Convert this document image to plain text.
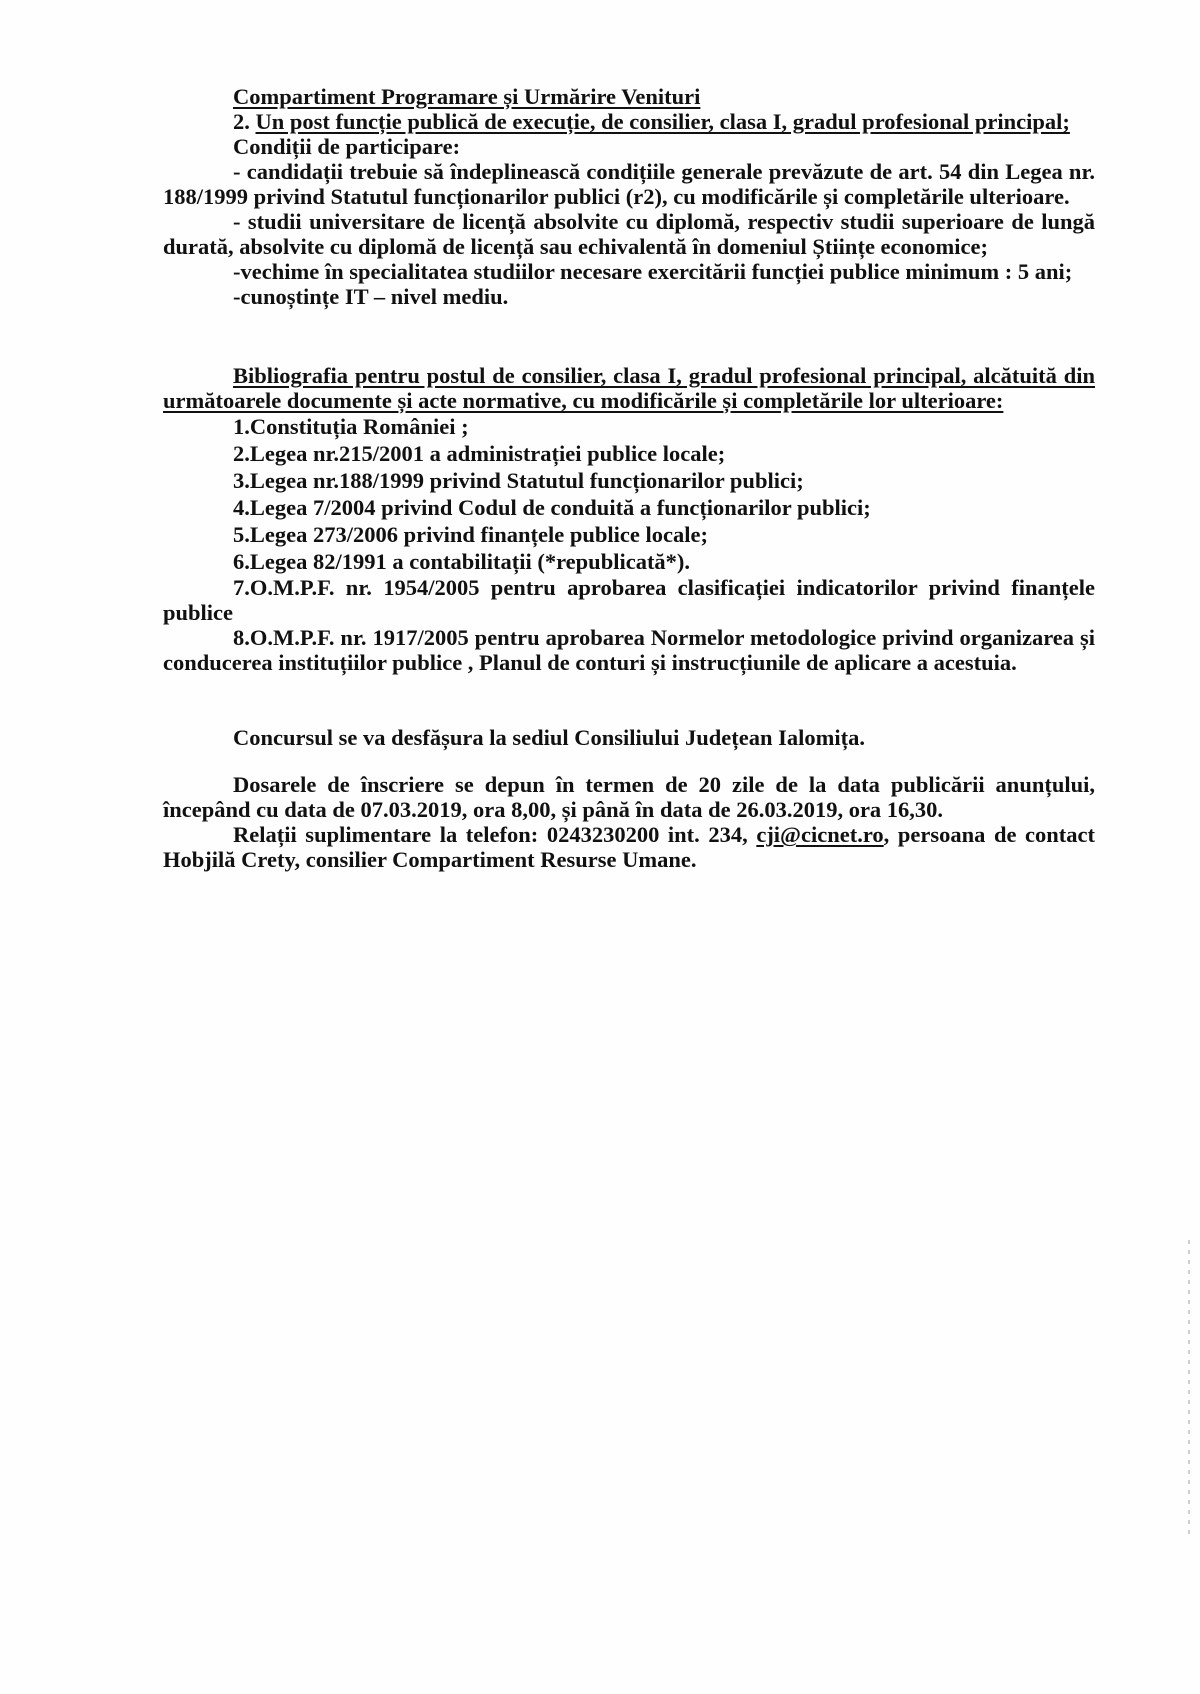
Compartiment Programare și Urmărire Venituri

2. Un post funcție publică de execuție, de consilier, clasa I, gradul profesional principal;

Condiții de participare:

- candidații trebuie să îndeplinească condițiile generale prevăzute de art. 54 din Legea nr. 188/1999 privind Statutul funcționarilor publici (r2), cu modificările și completările ulterioare.

- studii universitare de licență absolvite cu diplomă, respectiv studii superioare de lungă durată, absolvite cu diplomă de licență sau echivalentă în domeniul Științe economice;

-vechime în specialitatea studiilor necesare exercitării funcției publice minimum : 5 ani;

-cunoștințe IT – nivel mediu.

Bibliografia pentru postul de consilier, clasa I, gradul profesional principal, alcătuită din următoarele documente și acte normative, cu modificările și completările lor ulterioare:

1.Constituția României ;

2.Legea nr.215/2001 a administrației publice locale;

3.Legea nr.188/1999 privind Statutul funcționarilor publici;

4.Legea 7/2004 privind Codul de conduită a funcționarilor publici;

5.Legea 273/2006 privind finanțele publice locale;

6.Legea 82/1991 a contabilitații (*republicată*).

7.O.M.P.F. nr. 1954/2005 pentru aprobarea clasificației indicatorilor privind finanțele publice

8.O.M.P.F. nr. 1917/2005 pentru aprobarea Normelor metodologice privind organizarea și conducerea instituțiilor publice , Planul de conturi și instrucțiunile de aplicare a acestuia.

Concursul se va desfășura la sediul Consiliului Județean Ialomița.

Dosarele de înscriere se depun în termen de 20 zile de la data publicării anunțului, începând cu data de 07.03.2019, ora 8,00, și până în data de 26.03.2019, ora 16,30.

Relații suplimentare la telefon: 0243230200 int. 234, cji@cicnet.ro, persoana de contact Hobjilă Crety, consilier Compartiment Resurse Umane.
